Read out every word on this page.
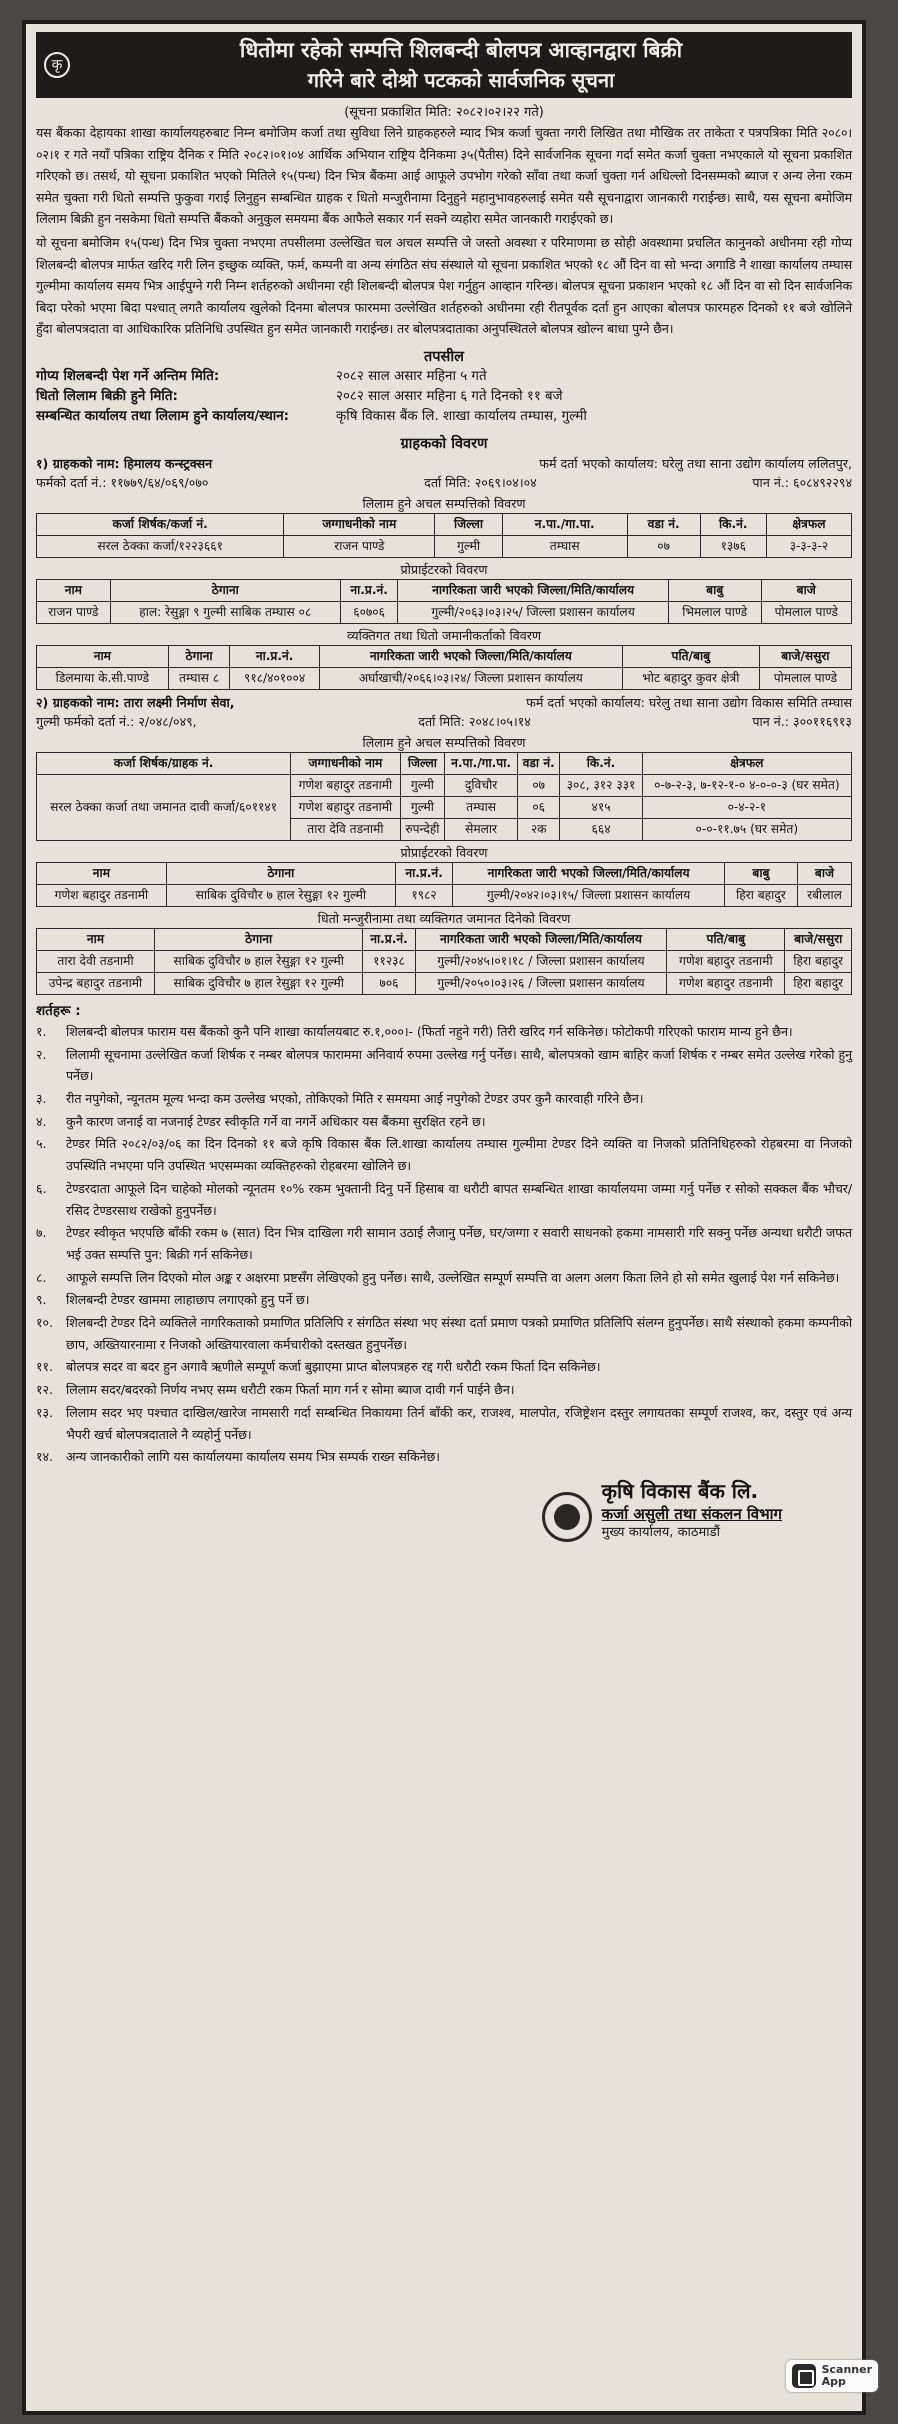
कृ
धितोमा रहेको सम्पत्ति शिलबन्दी बोलपत्र आव्हानद्वारा बिक्री
गरिने बारे दोश्रो पटकको सार्वजनिक सूचना
(सूचना प्रकाशित मिति: २०८२।०२।२२ गते)

यस बैंकका देहायका शाखा कार्यालयहरुबाट निम्न बमोजिम कर्जा तथा सुविधा लिने ग्राहकहरुले म्याद भित्र कर्जा चुक्ता नगरी लिखित तथा मौखिक तर ताकेता र पत्रपत्रिका मिति २०८०।०२।१ र गते नयाँ पत्रिका राष्ट्रिय दैनिक र मिति २०८२।०१।०४ आर्थिक अभियान राष्ट्रिय दैनिकमा ३५(पैतीस) दिने सार्वजनिक सूचना गर्दा समेत कर्जा चुक्ता नभएकाले यो सूचना प्रकाशित गरिएको छ। तसर्थ, यो सूचना प्रकाशित भएको मितिले १५(पन्ध) दिन भित्र बैंकमा आई आफूले उपभोग गरेको साँवा तथा कर्जा चुक्ता गर्न अधिल्लो दिनसम्मको ब्याज र अन्य लेना रकम समेत चुक्ता गरी धितो सम्पत्ति फुकुवा गराई लिनुहुन सम्बन्धित ग्राहक र धितो मन्जुरीनामा दिनुहुने महानुभावहरुलाई समेत यसै सूचनाद्वारा जानकारी गराईन्छ। साथै, यस सूचना बमोजिम लिलाम बिक्री हुन नसकेमा धितो सम्पत्ति बैंकको अनुकुल समयमा बैंक आफैले सकार गर्न सक्ने व्यहोरा समेत जानकारी गराईएको छ।

यो सूचना बमोजिम १५(पन्ध) दिन भित्र चुक्ता नभएमा तपसीलमा उल्लेखित चल अचल सम्पत्ति जे जस्तो अवस्था र परिमाणमा छ सोही अवस्थामा प्रचलित कानुनको अधीनमा रही गोप्य शिलबन्दी बोलपत्र मार्फत खरिद गरी लिन इच्छुक व्यक्ति, फर्म, कम्पनी वा अन्य संगठित संघ संस्थाले यो सूचना प्रकाशित भएको १८ औं दिन वा सो भन्दा अगाडि नै शाखा कार्यालय तम्घास गुल्मीमा कार्यालय समय भित्र आईपुग्ने गरी निम्न शर्तहरुको अधीनमा रही शिलबन्दी बोलपत्र पेश गर्नुहुन आव्हान गरिन्छ। बोलपत्र सूचना प्रकाशन भएको १८ औं दिन वा सो दिन सार्वजनिक बिदा परेको भएमा बिदा पश्चात् लगतै कार्यालय खुलेको दिनमा बोलपत्र फारममा उल्लेखित शर्तहरुको अधीनमा रही रीतपूर्वक दर्ता हुन आएका बोलपत्र फारमहरु दिनको ११ बजे खोलिने हुँदा बोलपत्रदाता वा आधिकारिक प्रतिनिधि उपस्थित हुन समेत जानकारी गराईन्छ। तर बोलपत्रदाताका अनुपस्थितले बोलपत्र खोल्न बाधा पुग्ने छैन।

तपसील
गोप्य शिलबन्दी पेश गर्ने अन्तिम मिति:	२०८२ साल असार महिना ५ गते
धितो लिलाम बिक्री हुने मिति:	२०८२ साल असार महिना ६ गते दिनको ११ बजे
सम्बन्धित कार्यालय तथा लिलाम हुने कार्यालय/स्थान:	कृषि विकास बैंक लि. शाखा कार्यालय तम्घास, गुल्मी
ग्राहकको विवरण
१) ग्राहकको नाम: हिमालय कन्स्ट्रक्सन	फर्म दर्ता भएको कार्यालय: घरेलु तथा साना उद्योग कार्यालय ललितपुर,
फर्मको दर्ता नं.: ११७७९/६४/०६९/०७०	दर्ता मिति: २०६९।०४।०४	पान नं.: ६०८४९२२९४
लिलाम हुने अचल सम्पत्तिको विवरण
कर्जा शिर्षक/कर्जा नं.	जग्गाधनीको नाम	जिल्ला	न.पा./गा.पा.	वडा नं.	कि.नं.	क्षेत्रफल
सरल ठेक्का कर्जा/१२२३६६१	राजन पाण्डे	गुल्मी	तम्घास	०७	१३७६	३-३-३-२
प्रोप्राईटरको विवरण
नाम	ठेगाना	ना.प्र.नं.	नागरिकता जारी भएको जिल्ला/मिति/कार्यालय	बाबु	बाजे
राजन पाण्डे	हाल: रेसुङ्गा ९ गुल्मी साबिक तम्घास ०८	६०७०६	गुल्मी/२०६३।०३।२५/ जिल्ला प्रशासन कार्यालय	भिमलाल पाण्डे	पोमलाल पाण्डे
व्यक्तिगत तथा धितो जमानीकर्ताको विवरण
नाम	ठेगाना	ना.प्र.नं.	नागरिकता जारी भएको जिल्ला/मिति/कार्यालय	पति/बाबु	बाजे/ससुरा
डिलमाया के.सी.पाण्डे	तम्घास ८	९१८/४०१००४	अर्घाखाची/२०६६।०३।२४/ जिल्ला प्रशासन कार्यालय	भोट बहादुर कुवर क्षेत्री	पोमलाल पाण्डे
२) ग्राहकको नाम: तारा लक्ष्मी निर्माण सेवा,	फर्म दर्ता भएको कार्यालय: घरेलु तथा साना उद्योग विकास समिति तम्घास
गुल्मी फर्मको दर्ता नं.: २/०४८/०४९,	दर्ता मिति: २०४८।०५।१४	पान नं.: ३००११६९१३
लिलाम हुने अचल सम्पत्तिको विवरण
कर्जा शिर्षक/ग्राहक नं.	जग्गाधनीको नाम	जिल्ला	न.पा./गा.पा.	वडा नं.	कि.नं.	क्षेत्रफल
सरल ठेक्का कर्जा तथा जमानत दावी कर्जा/६०११४१	गणेश बहादुर तडनामी	गुल्मी	दुविचौर	०७	३०८, ३१२ ३३१	०-७-२-३, ७-१२-१-० ४-०-०-३ (घर समेत)
	गणेश बहादुर तडनामी	गुल्मी	तम्घास	०६	४१५	०-४-२-१
	तारा देवि तडनामी	रुपन्देही	सेमलार	२क	६६४	०-०-११.७५ (घर समेत)
प्रोप्राईटरको विवरण
नाम	ठेगाना	ना.प्र.नं.	नागरिकता जारी भएको जिल्ला/मिति/कार्यालय	बाबु	बाजे
गणेश बहादुर तडनामी	साबिक दुविचौर ७ हाल रेसुङ्गा १२ गुल्मी	१९८२	गुल्मी/२०४२।०३।१५/ जिल्ला प्रशासन कार्यालय	हिरा बहादुर	रबीलाल
धितो मन्जुरीनामा तथा व्यक्तिगत जमानत दिनेको विवरण
नाम	ठेगाना	ना.प्र.नं.	नागरिकता जारी भएको जिल्ला/मिति/कार्यालय	पति/बाबु	बाजे/ससुरा
तारा देवी तडनामी	साबिक दुविचौर ७ हाल रेसुङ्गा १२ गुल्मी	११२३८	गुल्मी/२०४५।०१।१८ / जिल्ला प्रशासन कार्यालय	गणेश बहादुर तडनामी	हिरा बहादुर
उपेन्द्र बहादुर तडनामी	साबिक दुविचौर ७ हाल रेसुङ्गा १२ गुल्मी	७०६	गुल्मी/२०५०।०३।२६ / जिल्ला प्रशासन कार्यालय	गणेश बहादुर तडनामी	हिरा बहादुर
शर्तहरू :
१.	शिलबन्दी बोलपत्र फाराम यस बैंकको कुनै पनि शाखा कार्यालयबाट रु.१,०००।- (फिर्ता नहुने गरी) तिरी खरिद गर्न सकिनेछ। फोटोकपी गरिएको फाराम मान्य हुने छैन।
२.	लिलामी सूचनामा उल्लेखित कर्जा शिर्षक र नम्बर बोलपत्र फाराममा अनिवार्य रुपमा उल्लेख गर्नु पर्नेछ। साथै, बोलपत्रको खाम बाहिर कर्जा शिर्षक र नम्बर समेत उल्लेख गरेको हुनु पर्नेछ।
३.	रीत नपुगेको, न्यूनतम मूल्य भन्दा कम उल्लेख भएको, तोकिएको मिति र समयमा आई नपुगेको टेण्डर उपर कुनै कारवाही गरिने छैन।
४.	कुनै कारण जनाई वा नजनाई टेण्डर स्वीकृति गर्ने वा नगर्ने अधिकार यस बैंकमा सुरक्षित रहने छ।
५.	टेण्डर मिति २०८२/०३/०६ का दिन दिनको ११ बजे कृषि विकास बैंक लि.शाखा कार्यालय तम्घास गुल्मीमा टेण्डर दिने व्यक्ति वा निजको प्रतिनिधिहरुको रोहबरमा वा निजको उपस्थिति नभएमा पनि उपस्थित भएसम्मका व्यक्तिहरुको रोहबरमा खोलिने छ।
६.	टेण्डरदाता आफूले दिन चाहेको मोलको न्यूनतम १०% रकम भुक्तानी दिनु पर्ने हिसाब वा धरौटी बापत सम्बन्धित शाखा कार्यालयमा जम्मा गर्नु पर्नेछ र सोको सक्कल बैंक भौचर/रसिद टेण्डरसाथ राखेको हुनुपर्नेछ।
७.	टेण्डर स्वीकृत भएपछि बाँकी रकम ७ (सात) दिन भित्र दाखिला गरी सामान उठाई लैजानु पर्नेछ, घर/जग्गा र सवारी साधनको हकमा नामसारी गरि सक्नु पर्नेछ अन्यथा धरौटी जफत भई उक्त सम्पत्ति पुन: बिक्री गर्न सकिनेछ।
८.	आफूले सम्पत्ति लिन दिएको मोल अङ्क र अक्षरमा प्रष्टसँग लेखिएको हुनु पर्नेछ। साथै, उल्लेखित सम्पूर्ण सम्पत्ति वा अलग अलग किता लिने हो सो समेत खुलाई पेश गर्न सकिनेछ।
९.	शिलबन्दी टेण्डर खाममा लाहाछाप लगाएको हुनु पर्ने छ।
१०.	शिलबन्दी टेण्डर दिने व्यक्तिले नागरिकताको प्रमाणित प्रतिलिपि र संगठित संस्था भए संस्था दर्ता प्रमाण पत्रको प्रमाणित प्रतिलिपि संलग्न हुनुपर्नेछ। साथै संस्थाको हकमा कम्पनीको छाप, अख्तियारनामा र निजको अख्तियारवाला कर्मचारीको दस्तखत हुनुपर्नेछ।
११.	बोलपत्र सदर वा बदर हुन अगावै ऋणीले सम्पूर्ण कर्जा बुझाएमा प्राप्त बोलपत्रहरु रद्द गरी धरौटी रकम फिर्ता दिन सकिनेछ।
१२.	लिलाम सदर/बदरको निर्णय नभए सम्म धरौटी रकम फिर्ता माग गर्न र सोमा ब्याज दावी गर्न पाईने छैन।
१३.	लिलाम सदर भए पश्चात दाखिल/खारेज नामसारी गर्दा सम्बन्धित निकायमा तिर्न बाँकी कर, राजश्व, मालपोत, रजिष्ट्रेशन दस्तुर लगायतका सम्पूर्ण राजश्व, कर, दस्तुर एवं अन्य भैपरी खर्च बोलपत्रदाताले नै व्यहोर्नु पर्नेछ।
१४.	अन्य जानकारीको लागि यस कार्यालयमा कार्यालय समय भित्र सम्पर्क राख्न सकिनेछ।
कृषि विकास बैंक लि.
कर्जा असुली तथा संकलन विभाग
मुख्य कार्यालय, काठमाडौं
Scanner
App
